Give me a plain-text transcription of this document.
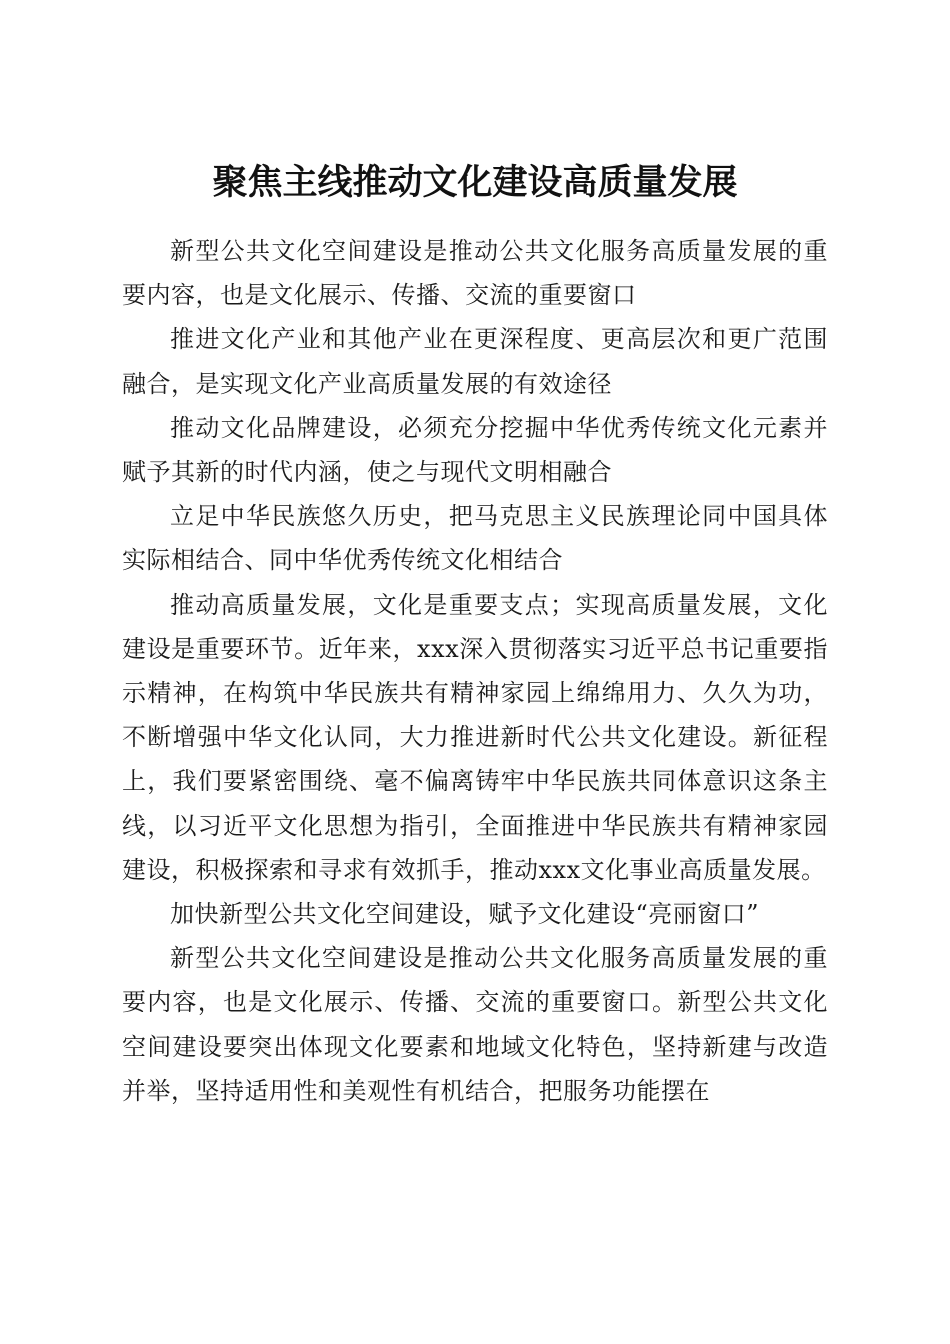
聚焦主线推动文化建设高质量发展

新型公共文化空间建设是推动公共文化服务高质量发展的重要内容，也是文化展示、传播、交流的重要窗口

推进文化产业和其他产业在更深程度、更高层次和更广范围融合，是实现文化产业高质量发展的有效途径

推动文化品牌建设，必须充分挖掘中华优秀传统文化元素并赋予其新的时代内涵，使之与现代文明相融合

立足中华民族悠久历史，把马克思主义民族理论同中国具体实际相结合、同中华优秀传统文化相结合

推动高质量发展，文化是重要支点；实现高质量发展，文化建设是重要环节。近年来，xxx深入贯彻落实习近平总书记重要指示精神，在构筑中华民族共有精神家园上绵绵用力、久久为功，不断增强中华文化认同，大力推进新时代公共文化建设。新征程上，我们要紧密围绕、毫不偏离铸牢中华民族共同体意识这条主线，以习近平文化思想为指引，全面推进中华民族共有精神家园建设，积极探索和寻求有效抓手，推动xxx文化事业高质量发展。

加快新型公共文化空间建设，赋予文化建设“亮丽窗口”

新型公共文化空间建设是推动公共文化服务高质量发展的重要内容，也是文化展示、传播、交流的重要窗口。新型公共文化空间建设要突出体现文化要素和地域文化特色，坚持新建与改造并举，坚持适用性和美观性有机结合，把服务功能摆在
